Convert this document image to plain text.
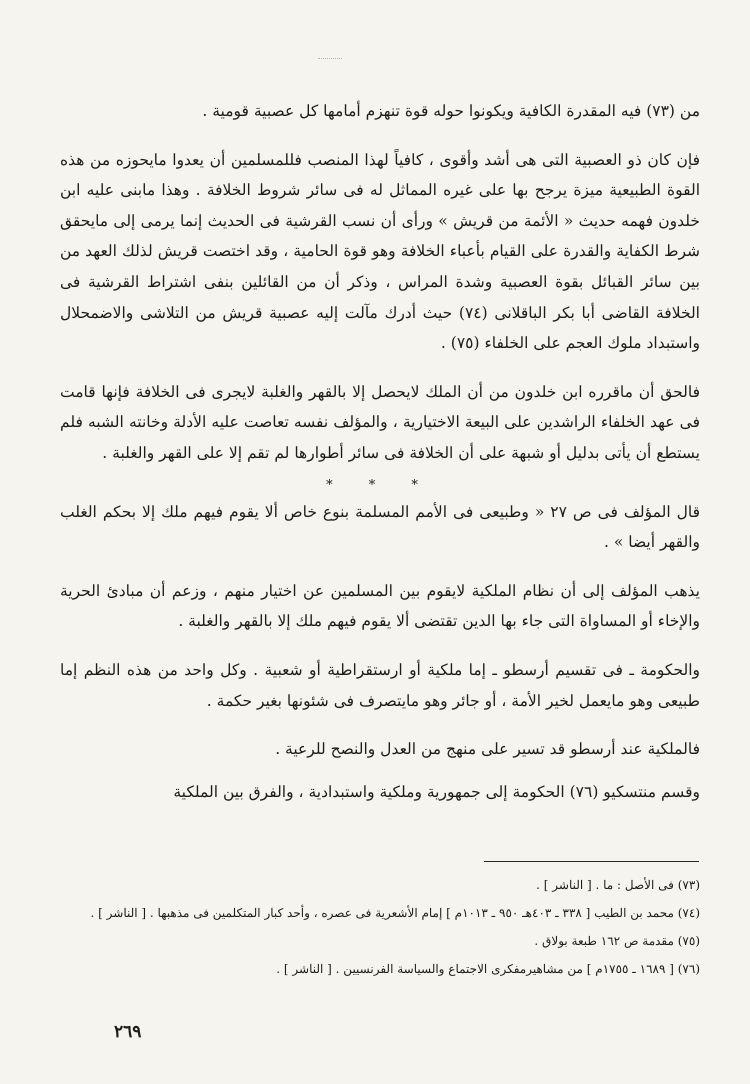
من (٧٣) فيه المقدرة الكافية ويكونوا حوله قوة تنهزم أمامها كل عصبية قومية .

فإن كان ذو العصبية التى هى أشد وأقوى ، كافياً لهذا المنصب فللمسلمين أن يعدوا مايحوزه من هذه القوة الطبيعية ميزة يرجح بها على غيره المماثل له فى سائر شروط الخلافة . وهذا مابنى عليه ابن خلدون فهمه حديث « الأئمة من قريش » ورأى أن نسب القرشية فى الحديث إنما يرمى إلى مايحقق شرط الكفاية والقدرة على القيام بأعباء الخلافة وهو قوة الحامية ، وقد اختصت قريش لذلك العهد من بين سائر القبائل بقوة العصبية وشدة المراس ، وذكر أن من القائلين بنفى اشتراط القرشية فى الخلافة القاضى أبا بكر الباقلانى (٧٤) حيث أدرك مآلت إليه عصبية قريش من التلاشى والاضمحلال واستبداد ملوك العجم على الخلفاء (٧٥) .

فالحق أن ماقرره ابن خلدون من أن الملك لايحصل إلا بالقهر والغلبة لايجرى فى الخلافة فإنها قامت فى عهد الخلفاء الراشدين على البيعة الاختيارية ، والمؤلف نفسه تعاصت عليه الأدلة وخانته الشبه فلم يستطع أن يأتى بدليل أو شبهة على أن الخلافة فى سائر أطوارها لم تقم إلا على القهر والغلبة .

* * *

قال المؤلف فى ص ٢٧ « وطبيعى فى الأمم المسلمة بنوع خاص ألا يقوم فيهم ملك إلا بحكم الغلب والقهر أيضا » .

يذهب المؤلف إلى أن نظام الملكية لايقوم بين المسلمين عن اختيار منهم ، وزعم أن مبادئ الحرية والإخاء أو المساواة التى جاء بها الدين تقتضى ألا يقوم فيهم ملك إلا بالقهر والغلبة .

والحكومة ـ فى تقسيم أرسطو ـ إما ملكية أو ارستقراطية أو شعبية . وكل واحد من هذه النظم إما طبيعى وهو مايعمل لخير الأمة ، أو جائر وهو مايتصرف فى شئونها بغير حكمة .

فالملكية عند أرسطو قد تسير على منهج من العدل والنصح للرعية .

وقسم منتسكيو (٧٦) الحكومة إلى جمهورية وملكية واستبدادية ، والفرق بين الملكية

(٧٣) فى الأصل : ما . [ الناشر ] .
(٧٤) محمد بن الطيب [ ٣٣٨ ـ ٤٠٣هـ ٩٥٠ ـ ١٠١٣م ] إمام الأشعرية فى عصره ، وأحد كبار المتكلمين فى مذهبها . [ الناشر ] .
(٧٥) مقدمة ص ١٦٢ طبعة بولاق .
(٧٦) [ ١٦٨٩ ـ ١٧٥٥م ] من مشاهيرمفكرى الاجتماع والسياسة الفرنسيين . [ الناشر ] .
٢٦٩
